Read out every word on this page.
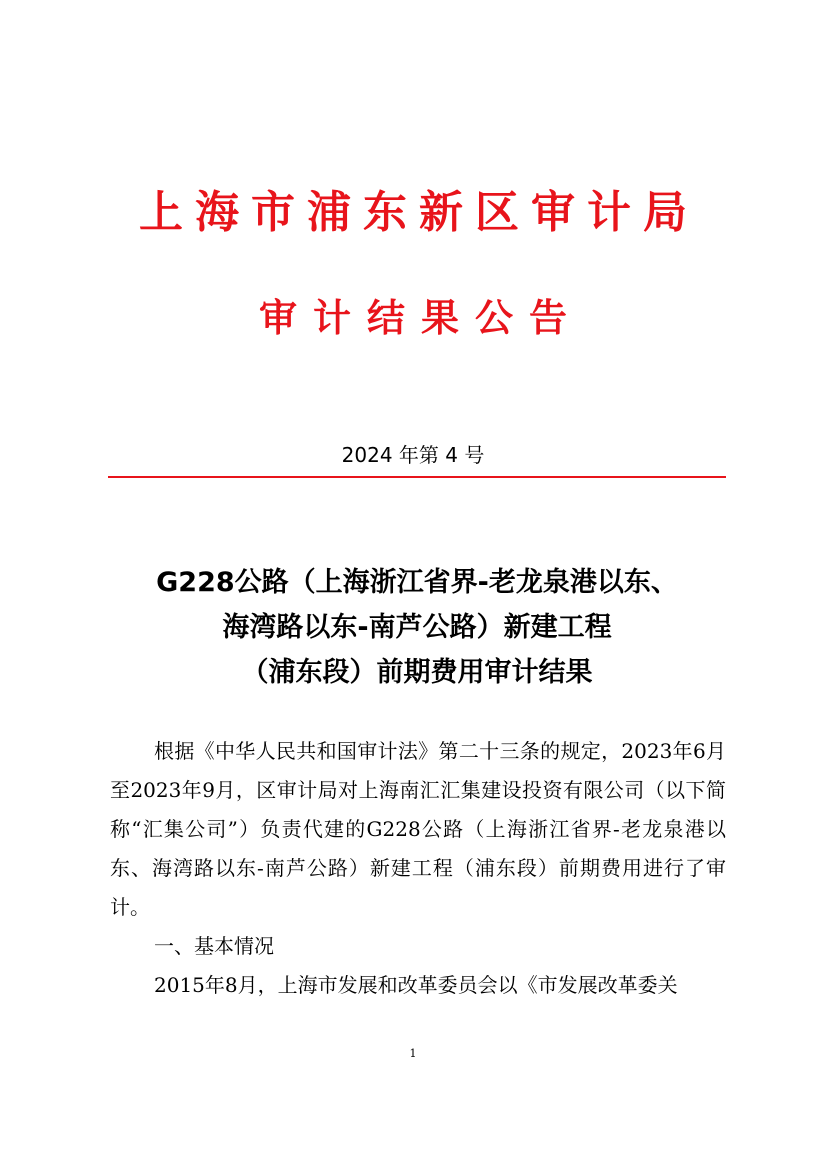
上海市浦东新区审计局
审计结果公告
2024 年第 4 号
G228公路（上海浙江省界-老龙泉港以东、
海湾路以东-南芦公路）新建工程
（浦东段）前期费用审计结果

根据《中华人民共和国审计法》第二十三条的规定，2023年6月至2023年9月，区审计局对上海南汇汇集建设投资有限公司（以下简称“汇集公司”）负责代建的G228公路（上海浙江省界-老龙泉港以东、海湾路以东-南芦公路）新建工程（浦东段）前期费用进行了审计。

一、基本情况

2015年8月，上海市发展和改革委员会以《市发展改革委关

1
